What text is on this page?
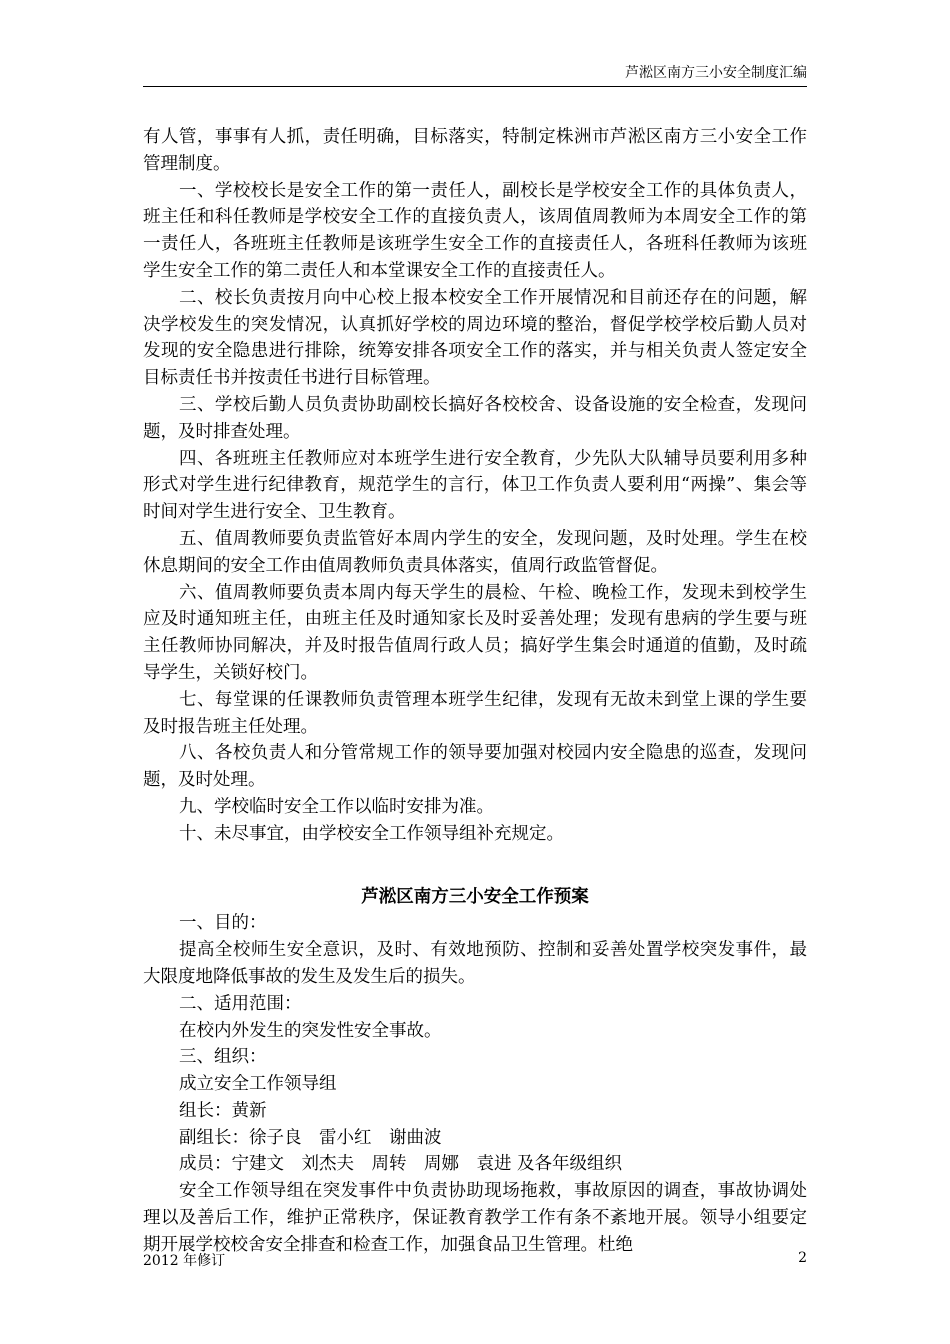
芦淞区南方三小安全制度汇编

有人管，事事有人抓，责任明确，目标落实，特制定株洲市芦淞区南方三小安全工作管理制度。

一、学校校长是安全工作的第一责任人，副校长是学校安全工作的具体负责人，班主任和科任教师是学校安全工作的直接负责人，该周值周教师为本周安全工作的第一责任人，各班班主任教师是该班学生安全工作的直接责任人，各班科任教师为该班学生安全工作的第二责任人和本堂课安全工作的直接责任人。

二、校长负责按月向中心校上报本校安全工作开展情况和目前还存在的问题，解决学校发生的突发情况，认真抓好学校的周边环境的整治，督促学校学校后勤人员对发现的安全隐患进行排除，统筹安排各项安全工作的落实，并与相关负责人签定安全目标责任书并按责任书进行目标管理。

三、学校后勤人员负责协助副校长搞好各校校舍、设备设施的安全检查，发现问题，及时排查处理。

四、各班班主任教师应对本班学生进行安全教育，少先队大队辅导员要利用多种形式对学生进行纪律教育，规范学生的言行，体卫工作负责人要利用“两操”、集会等时间对学生进行安全、卫生教育。

五、值周教师要负责监管好本周内学生的安全，发现问题，及时处理。学生在校休息期间的安全工作由值周教师负责具体落实，值周行政监管督促。

六、值周教师要负责本周内每天学生的晨检、午检、晚检工作，发现未到校学生应及时通知班主任，由班主任及时通知家长及时妥善处理；发现有患病的学生要与班主任教师协同解决，并及时报告值周行政人员；搞好学生集会时通道的值勤，及时疏导学生，关锁好校门。

七、每堂课的任课教师负责管理本班学生纪律，发现有无故未到堂上课的学生要及时报告班主任处理。

八、各校负责人和分管常规工作的领导要加强对校园内安全隐患的巡查，发现问题，及时处理。

九、学校临时安全工作以临时安排为准。

十、未尽事宜，由学校安全工作领导组补充规定。

芦淞区南方三小安全工作预案

一、目的：

提高全校师生安全意识，及时、有效地预防、控制和妥善处置学校突发事件，最大限度地降低事故的发生及发生后的损失。

二、适用范围：

在校内外发生的突发性安全事故。

三、组织：

成立安全工作领导组

组长：黄新

副组长：徐子良　雷小红　谢曲波

成员：宁建文　刘杰夫　周转　周娜　袁进 及各年级组织

安全工作领导组在突发事件中负责协助现场拖救，事故原因的调查，事故协调处理以及善后工作，维护正常秩序，保证教育教学工作有条不紊地开展。领导小组要定期开展学校校舍安全排查和检查工作，加强食品卫生管理。杜绝

2012 年修订	2
